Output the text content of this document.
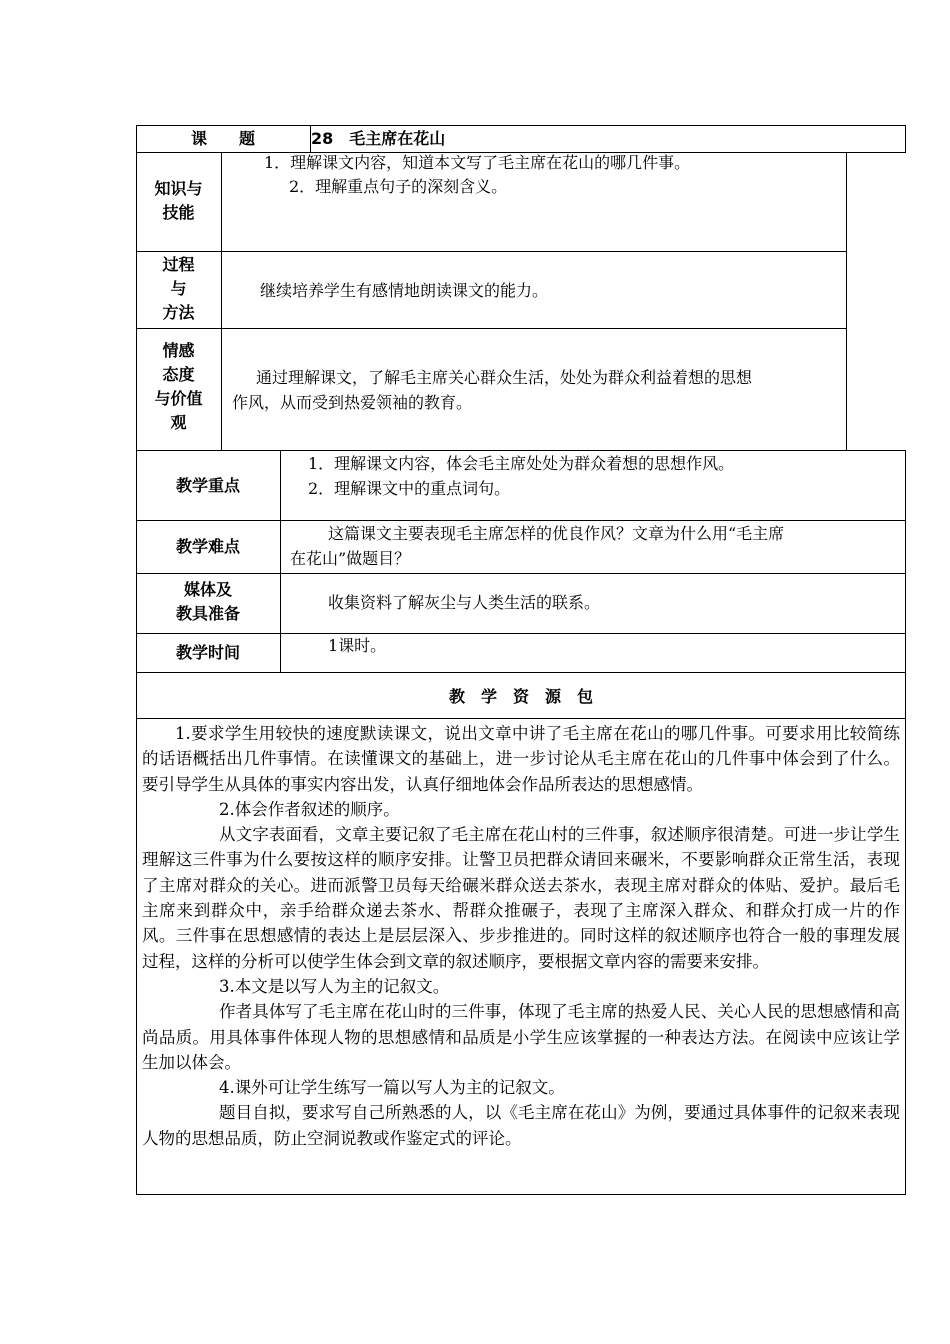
课　　题	28　毛主席在花山
知识与
技能
1．理解课文内容，知道本文写了毛主席在花山的哪几件事。
2．理解重点句子的深刻含义。
过程
与
方法
继续培养学生有感情地朗读课文的能力。
情感
态度
与价值
观
通过理解课文，了解毛主席关心群众生活，处处为群众利益着想的思想
作风，从而受到热爱领袖的教育。
教学重点
1．理解课文内容，体会毛主席处处为群众着想的思想作风。
2．理解课文中的重点词句。
教学难点
这篇课文主要表现毛主席怎样的优良作风？文章为什么用“毛主席
在花山”做题目？
媒体及
教具准备
收集资料了解灰尘与人类生活的联系。
教学时间	1课时。
教　学　资　源　包

1.要求学生用较快的速度默读课文，说出文章中讲了毛主席在花山的哪几件事。可要求用比较简练的话语概括出几件事情。在读懂课文的基础上，进一步讨论从毛主席在花山的几件事中体会到了什么。要引导学生从具体的事实内容出发，认真仔细地体会作品所表达的思想感情。

2.体会作者叙述的顺序。

从文字表面看，文章主要记叙了毛主席在花山村的三件事，叙述顺序很清楚。可进一步让学生理解这三件事为什么要按这样的顺序安排。让警卫员把群众请回来碾米，不要影响群众正常生活，表现了主席对群众的关心。进而派警卫员每天给碾米群众送去茶水，表现主席对群众的体贴、爱护。最后毛主席来到群众中，亲手给群众递去茶水、帮群众推碾子，表现了主席深入群众、和群众打成一片的作风。三件事在思想感情的表达上是层层深入、步步推进的。同时这样的叙述顺序也符合一般的事理发展过程，这样的分析可以使学生体会到文章的叙述顺序，要根据文章内容的需要来安排。

3.本文是以写人为主的记叙文。

作者具体写了毛主席在花山时的三件事，体现了毛主席的热爱人民、关心人民的思想感情和高尚品质。用具体事件体现人物的思想感情和品质是小学生应该掌握的一种表达方法。在阅读中应该让学生加以体会。

4.课外可让学生练写一篇以写人为主的记叙文。

题目自拟，要求写自己所熟悉的人，以《毛主席在花山》为例，要通过具体事件的记叙来表现人物的思想品质，防止空洞说教或作鉴定式的评论。
